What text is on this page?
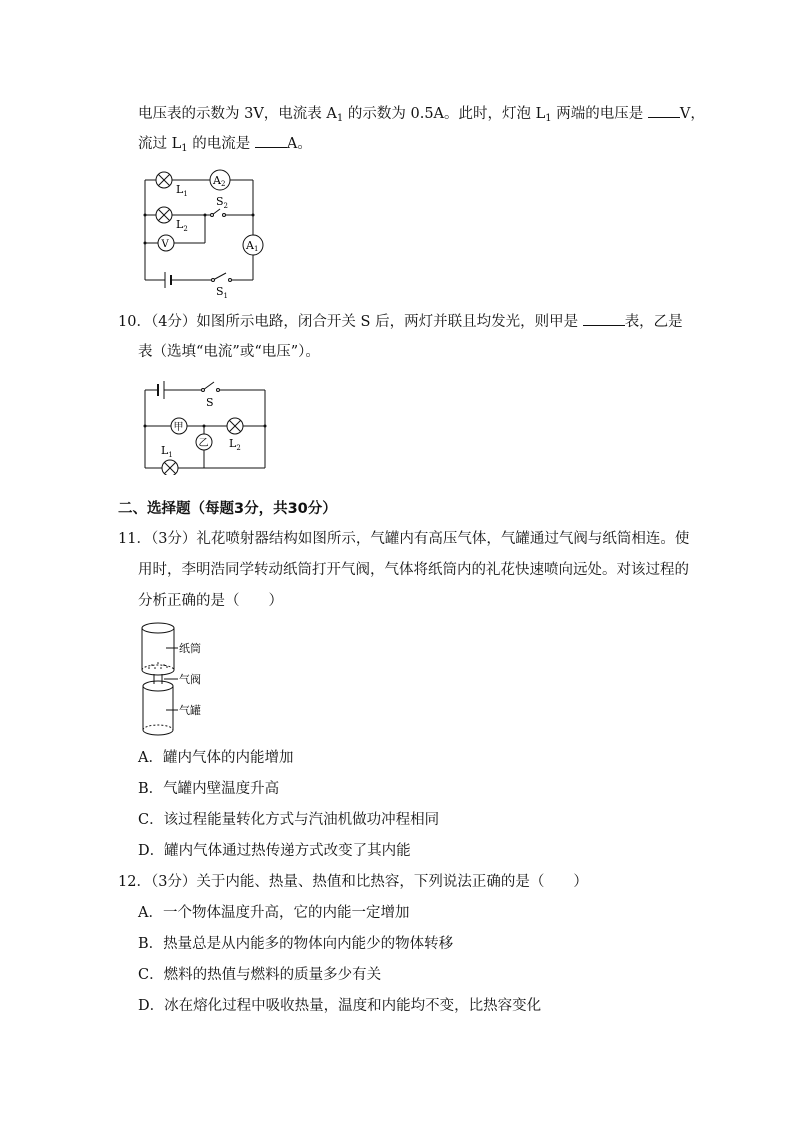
电压表的示数为 3V，电流表 $A_1$ 的示数为 0.5A。此时，灯泡 $L_1$ 两端的电压是 V，
流过 $L_1$ 的电流是 A。
$L_1$
A2
$L_2$
$S_2$
V	A1
$S_1$
10．（4分）如图所示电路，闭合开关 S 后，两灯并联且均发光，则甲是	表，乙是
表（选填“电流”或“电压”）。
S
甲
$L_2$
乙
$L_1$
二、选择题（每题3分，共30分）
11．（3分）礼花喷射器结构如图所示，气罐内有高压气体，气罐通过气阀与纸筒相连。使
用时，李明浩同学转动纸筒打开气阀，气体将纸筒内的礼花快速喷向远处。对该过程的
分析正确的是（　　）
纸筒
气阀
气罐
A．罐内气体的内能增加
B．气罐内壁温度升高
C．该过程能量转化方式与汽油机做功冲程相同
D．罐内气体通过热传递方式改变了其内能
12．（3分）关于内能、热量、热值和比热容，下列说法正确的是（　　）
A．一个物体温度升高，它的内能一定增加
B．热量总是从内能多的物体向内能少的物体转移
C．燃料的热值与燃料的质量多少有关
D．冰在熔化过程中吸收热量，温度和内能均不变，比热容变化
